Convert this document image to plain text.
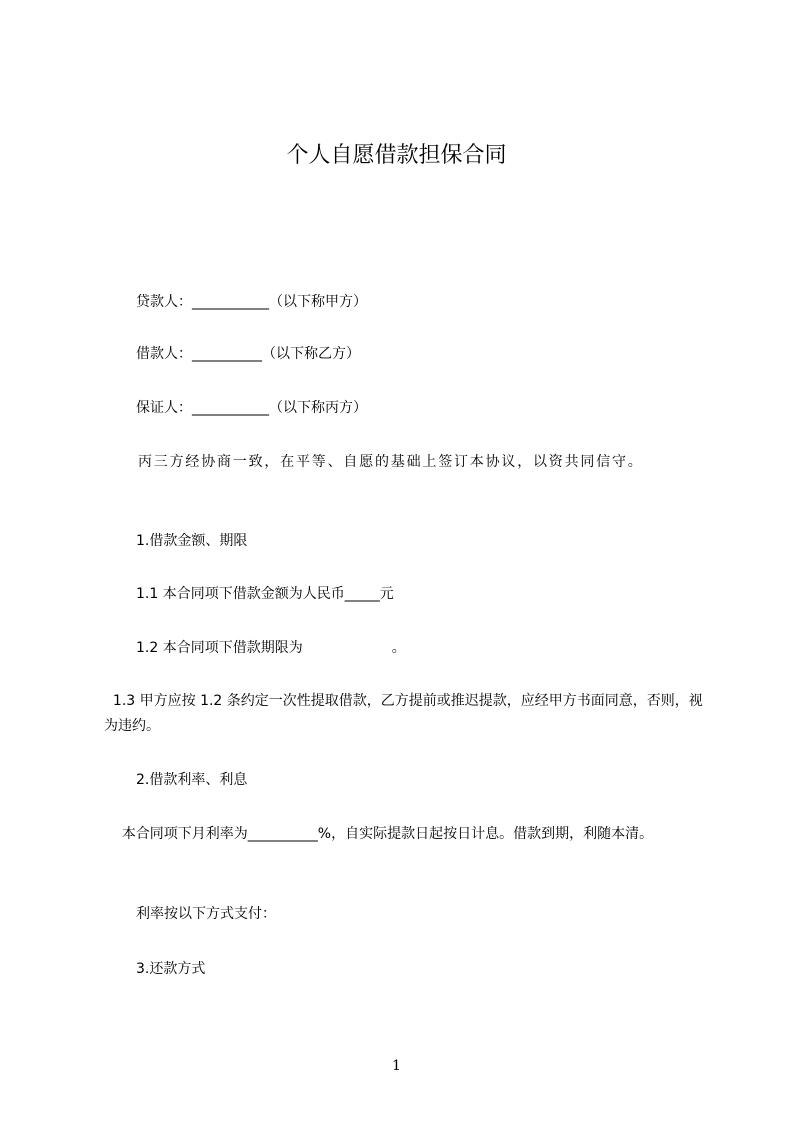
个人自愿借款担保合同
贷款人：___________（以下称甲方）
借款人：__________（以下称乙方）
保证人：___________（以下称丙方）
丙三方经协商一致，在平等、自愿的基础上签订本协议，以资共同信守。
1.借款金额、期限
1.1 本合同项下借款金额为人民币_____元
1.2 本合同项下借款期限为                    。
1.3 甲方应按 1.2 条约定一次性提取借款，乙方提前或推迟提款，应经甲方书面同意，否则，视为违约。
2.借款利率、利息
本合同项下月利率为__________%，自实际提款日起按日计息。借款到期，利随本清。
利率按以下方式支付：
3.还款方式
1
